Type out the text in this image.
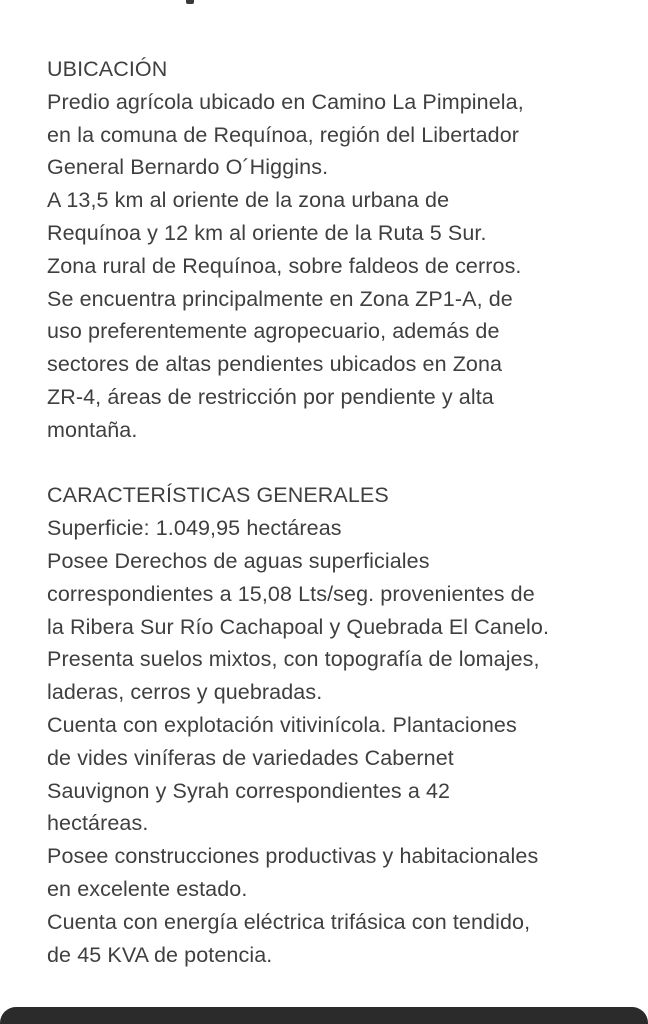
UBICACIÓN
Predio agrícola ubicado en Camino La Pimpinela,
en la comuna de Requínoa, región del Libertador
General Bernardo O´Higgins.
A 13,5 km al oriente de la zona urbana de
Requínoa y 12 km al oriente de la Ruta 5 Sur.
Zona rural de Requínoa, sobre faldeos de cerros.
Se encuentra principalmente en Zona ZP1-A, de
uso preferentemente agropecuario, además de
sectores de altas pendientes ubicados en Zona
ZR-4, áreas de restricción por pendiente y alta
montaña.
CARACTERÍSTICAS GENERALES
Superficie: 1.049,95 hectáreas
Posee Derechos de aguas superficiales
correspondientes a 15,08 Lts/seg. provenientes de
la Ribera Sur Río Cachapoal y Quebrada El Canelo.
Presenta suelos mixtos, con topografía de lomajes,
laderas, cerros y quebradas.
Cuenta con explotación vitivinícola. Plantaciones
de vides viníferas de variedades Cabernet
Sauvignon y Syrah correspondientes a 42
hectáreas.
Posee construcciones productivas y habitacionales
en excelente estado.
Cuenta con energía eléctrica trifásica con tendido,
de 45 KVA de potencia.
